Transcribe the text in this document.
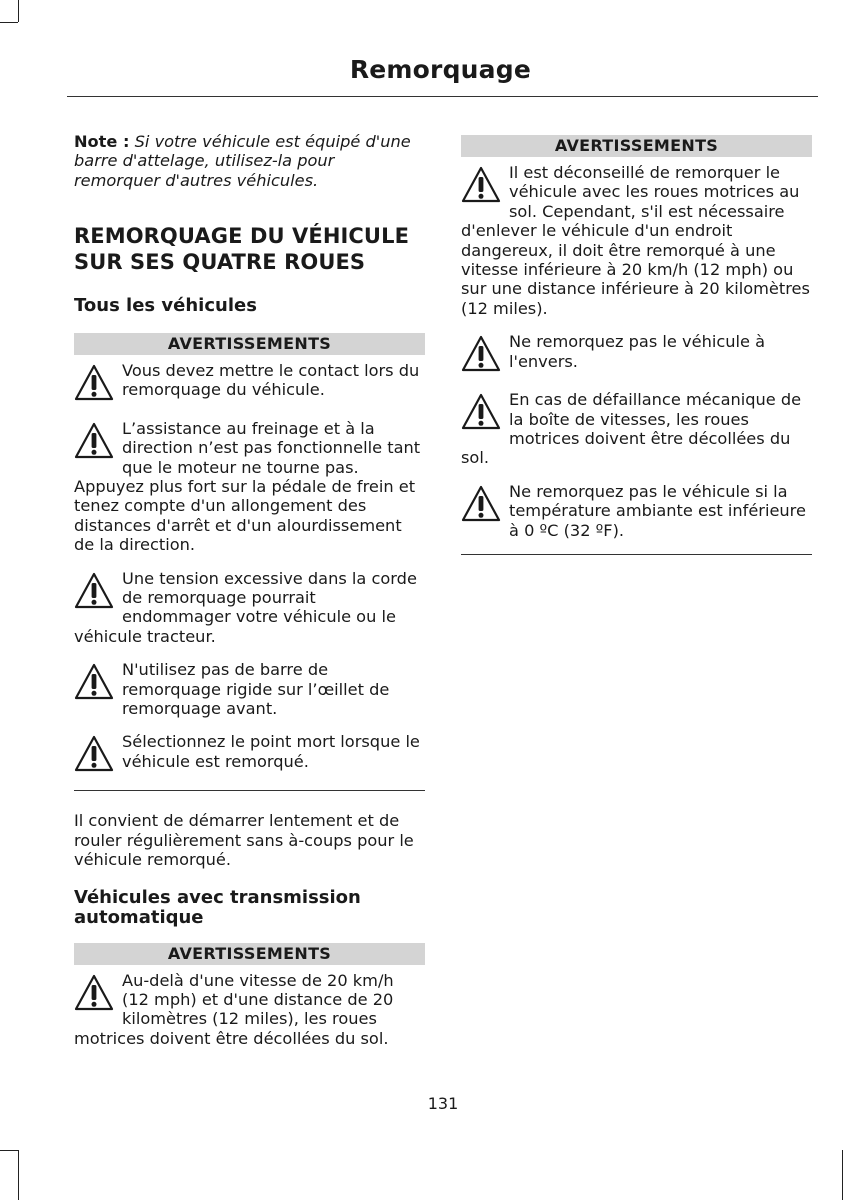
Remorquage

Note : Si votre véhicule est équipé d'une barre d'attelage, utilisez-la pour remorquer d'autres véhicules.

REMORQUAGE DU VÉHICULE SUR SES QUATRE ROUES
Tous les véhicules
AVERTISSEMENTS
Vous devez mettre le contact lors du remorquage du véhicule.
L’assistance au freinage et à la direction n’est pas fonctionnelle tant que le moteur ne tourne pas.

Appuyez plus fort sur la pédale de frein et tenez compte d'un allongement des distances d'arrêt et d'un alourdissement de la direction.

Une tension excessive dans la corde de remorquage pourrait endommager votre véhicule ou le véhicule tracteur.
N'utilisez pas de barre de remorquage rigide sur l’œillet de remorquage avant.
Sélectionnez le point mort lorsque le véhicule est remorqué.

Il convient de démarrer lentement et de rouler régulièrement sans à-coups pour le véhicule remorqué.

Véhicules avec transmission automatique
AVERTISSEMENTS
Au-delà d'une vitesse de 20 km/h (12 mph) et d'une distance de 20 kilomètres (12 miles), les roues motrices doivent être décollées du sol.
AVERTISSEMENTS
Il est déconseillé de remorquer le véhicule avec les roues motrices au sol. Cependant, s'il est nécessaire d'enlever le véhicule d'un endroit dangereux, il doit être remorqué à une vitesse inférieure à 20 km/h (12 mph) ou sur une distance inférieure à 20 kilomètres (12 miles).
Ne remorquez pas le véhicule à l'envers.
En cas de défaillance mécanique de la boîte de vitesses, les roues motrices doivent être décollées du sol.
Ne remorquez pas le véhicule si la température ambiante est inférieure à 0 ºC (32 ºF).
131
